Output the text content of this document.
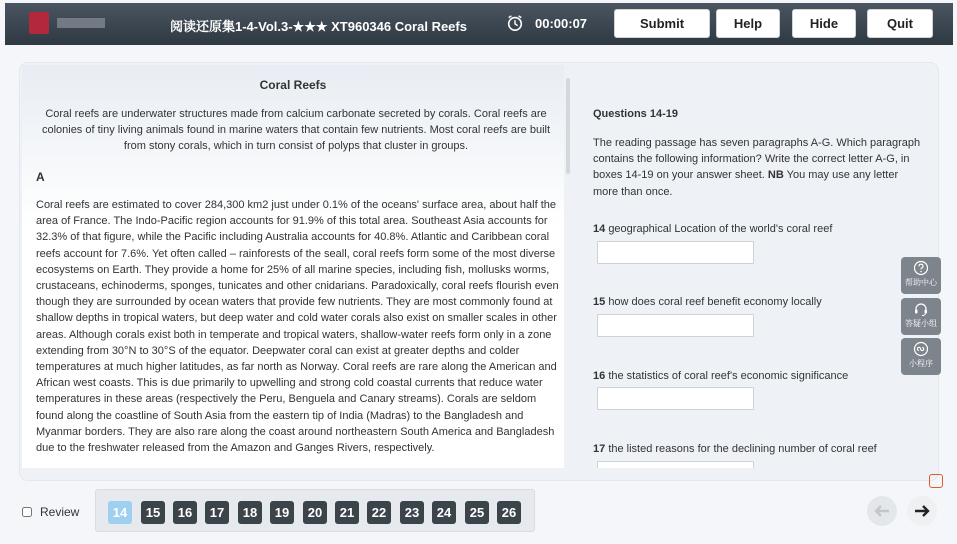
阅读还原集1-4-Vol.3-★★★ XT960346 Coral Reefs	00:00:07	Submit	Help	Hide	Quit
Coral Reefs
Coral reefs are underwater structures made from calcium carbonate secreted by corals. Coral reefs are colonies of tiny living animals found in marine waters that contain few nutrients. Most coral reefs are built from stony corals, which in turn consist of polyps that cluster in groups.
A
Coral reefs are estimated to cover 284,300 km2 just under 0.1% of the oceans' surface area, about half the area of France. The Indo-Pacific region accounts for 91.9% of this total area. Southeast Asia accounts for 32.3% of that figure, while the Pacific including Australia accounts for 40.8%. Atlantic and Caribbean coral reefs account for 7.6%. Yet often called – rainforests of the seall, coral reefs form some of the most diverse ecosystems on Earth. They provide a home for 25% of all marine species, including fish, mollusks worms, crustaceans, echinoderms, sponges, tunicates and other cnidarians. Paradoxically, coral reefs flourish even though they are surrounded by ocean waters that provide few nutrients. They are most commonly found at shallow depths in tropical waters, but deep water and cold water corals also exist on smaller scales in other areas. Although corals exist both in temperate and tropical waters, shallow-water reefs form only in a zone extending from 30°N to 30°S of the equator. Deepwater coral can exist at greater depths and colder temperatures at much higher latitudes, as far north as Norway. Coral reefs are rare along the American and African west coasts. This is due primarily to upwelling and strong cold coastal currents that reduce water temperatures in these areas (respectively the Peru, Benguela and Canary streams). Corals are seldom found along the coastline of South Asia from the eastern tip of India (Madras) to the Bangladesh and Myanmar borders. They are also rare along the coast around northeastern South America and Bangladesh due to the freshwater released from the Amazon and Ganges Rivers, respectively.
Questions 14-19
The reading passage has seven paragraphs A-G. Which paragraph contains the following information? Write the correct letter A-G, in boxes 14-19 on your answer sheet. NB You may use any letter more than once.
14 geographical Location of the world's coral reef
15 how does coral reef benefit economy locally
16 the statistics of coral reef's economic significance
17 the listed reasons for the declining number of coral reef
帮助中心
答疑小组
小程序
Review	14	15	16	17	18	19	20	21	22	23	24	25	26
